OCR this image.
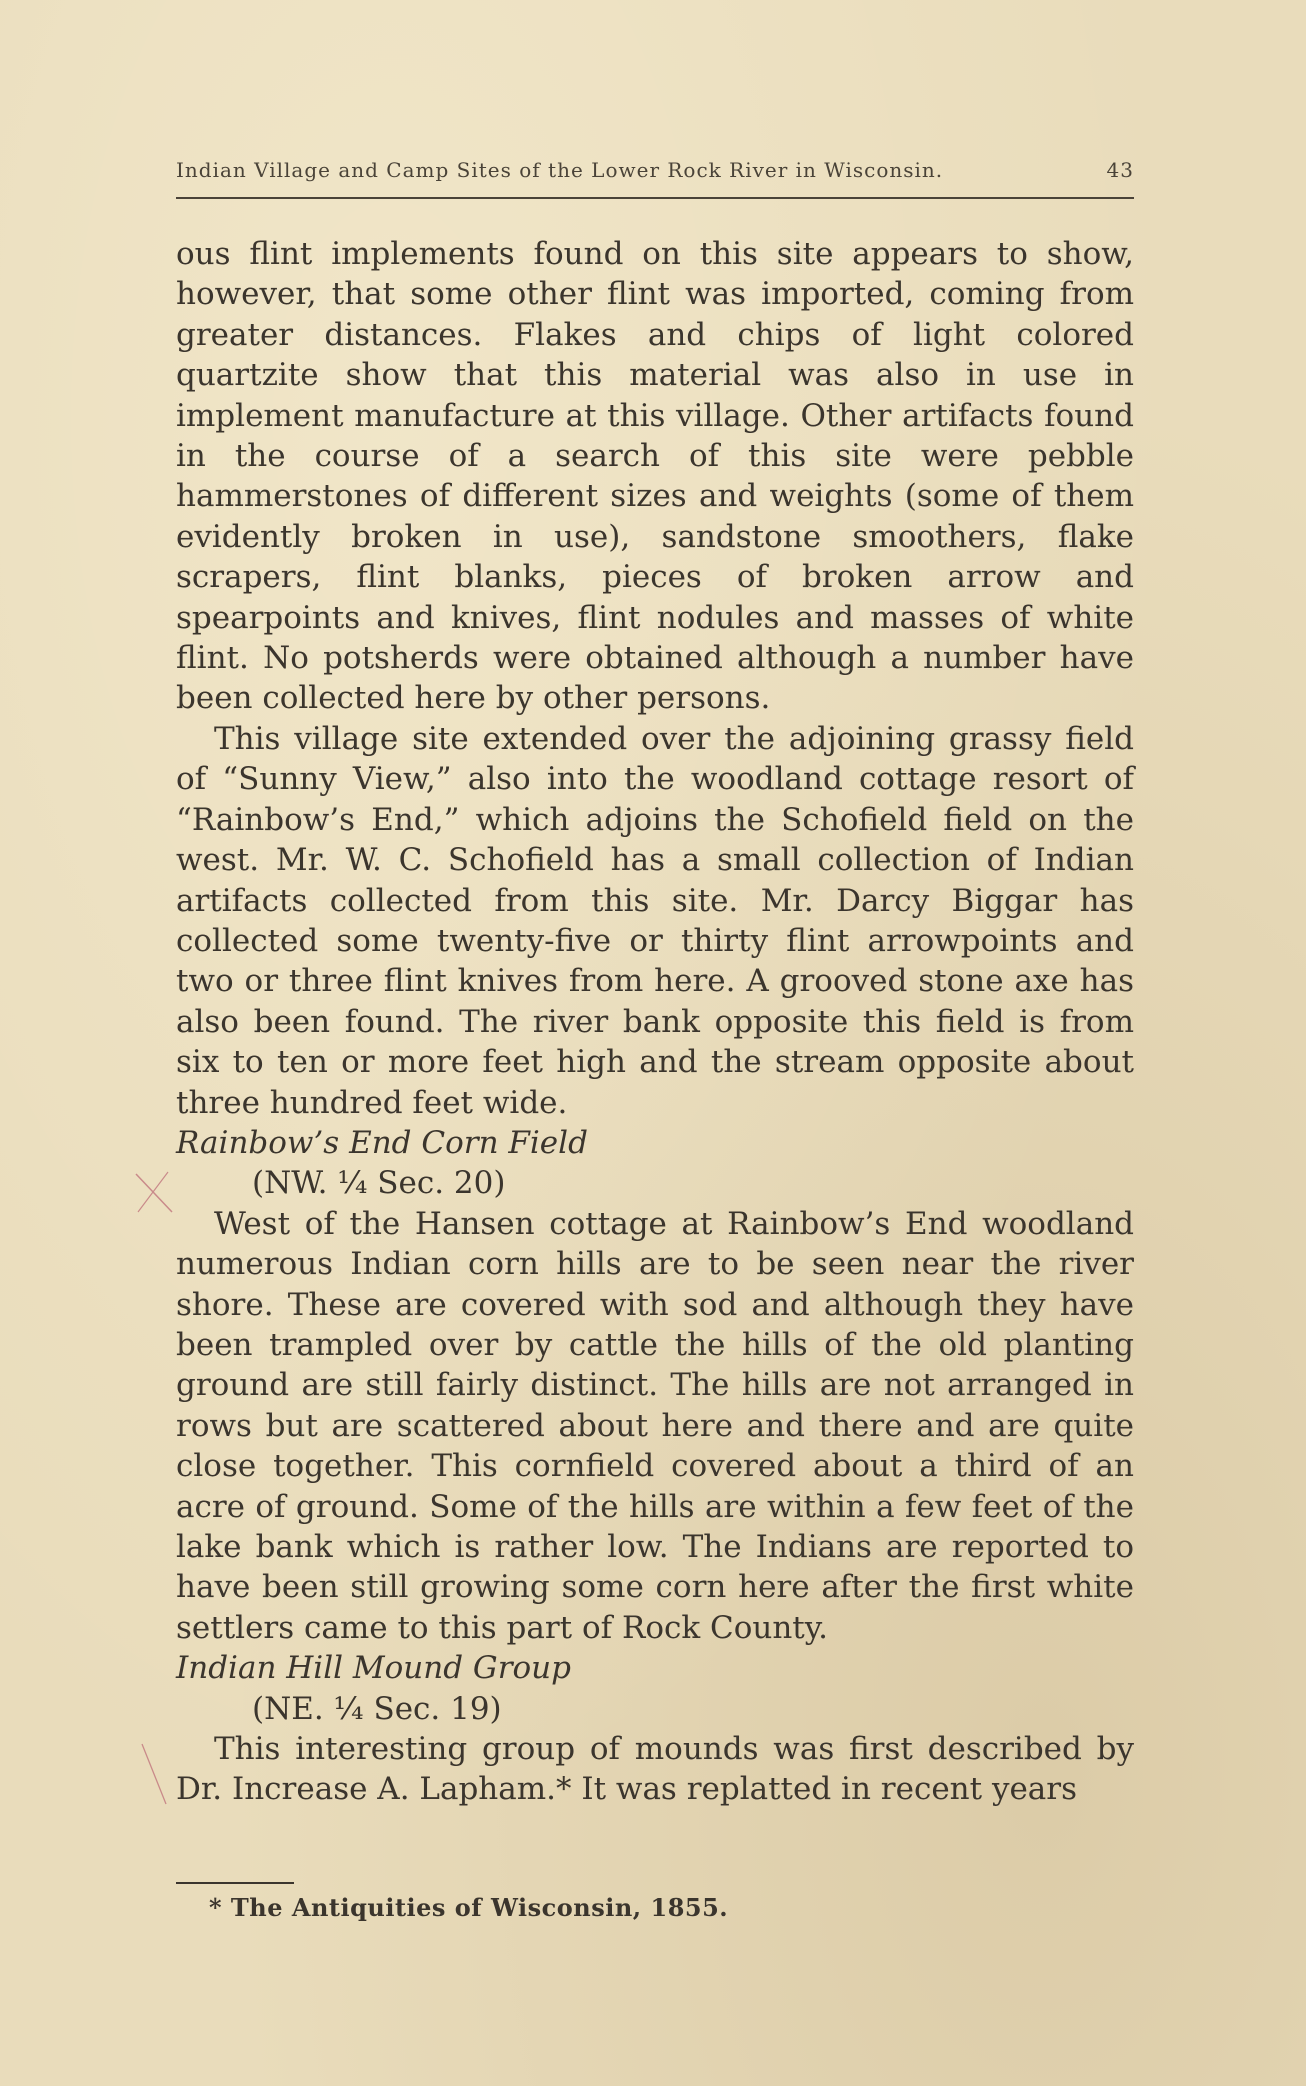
Indian Village and Camp Sites of the Lower Rock River in Wisconsin.	43

ous flint implements found on this site appears to show, however, that some other flint was imported, coming from greater distances. Flakes and chips of light colored quartzite show that this material was also in use in implement manufacture at this village. Other artifacts found in the course of a search of this site were pebble hammerstones of different sizes and weights (some of them evidently broken in use), sandstone smoothers, flake scrapers, flint blanks, pieces of broken arrow and spearpoints and knives, flint nodules and masses of white flint. No potsherds were obtained although a number have been collected here by other persons.

This village site extended over the adjoining grassy field of “Sunny View,” also into the woodland cottage resort of “Rainbow’s End,” which adjoins the Schofield field on the west. Mr. W. C. Schofield has a small collection of Indian artifacts collected from this site. Mr. Darcy Biggar has collected some twenty-five or thirty flint arrowpoints and two or three flint knives from here. A grooved stone axe has also been found. The river bank opposite this field is from six to ten or more feet high and the stream opposite about three hundred feet wide.

Rainbow’s End Corn Field

(NW. ¼ Sec. 20)

West of the Hansen cottage at Rainbow’s End woodland numerous Indian corn hills are to be seen near the river shore. These are covered with sod and although they have been trampled over by cattle the hills of the old planting ground are still fairly distinct. The hills are not arranged in rows but are scattered about here and there and are quite close together. This cornfield covered about a third of an acre of ground. Some of the hills are within a few feet of the lake bank which is rather low. The Indians are reported to have been still growing some corn here after the first white settlers came to this part of Rock County.

Indian Hill Mound Group

(NE. ¼ Sec. 19)

This interesting group of mounds was first described by Dr. Increase A. Lapham.* It was replatted in recent years

* The Antiquities of Wisconsin, 1855.
